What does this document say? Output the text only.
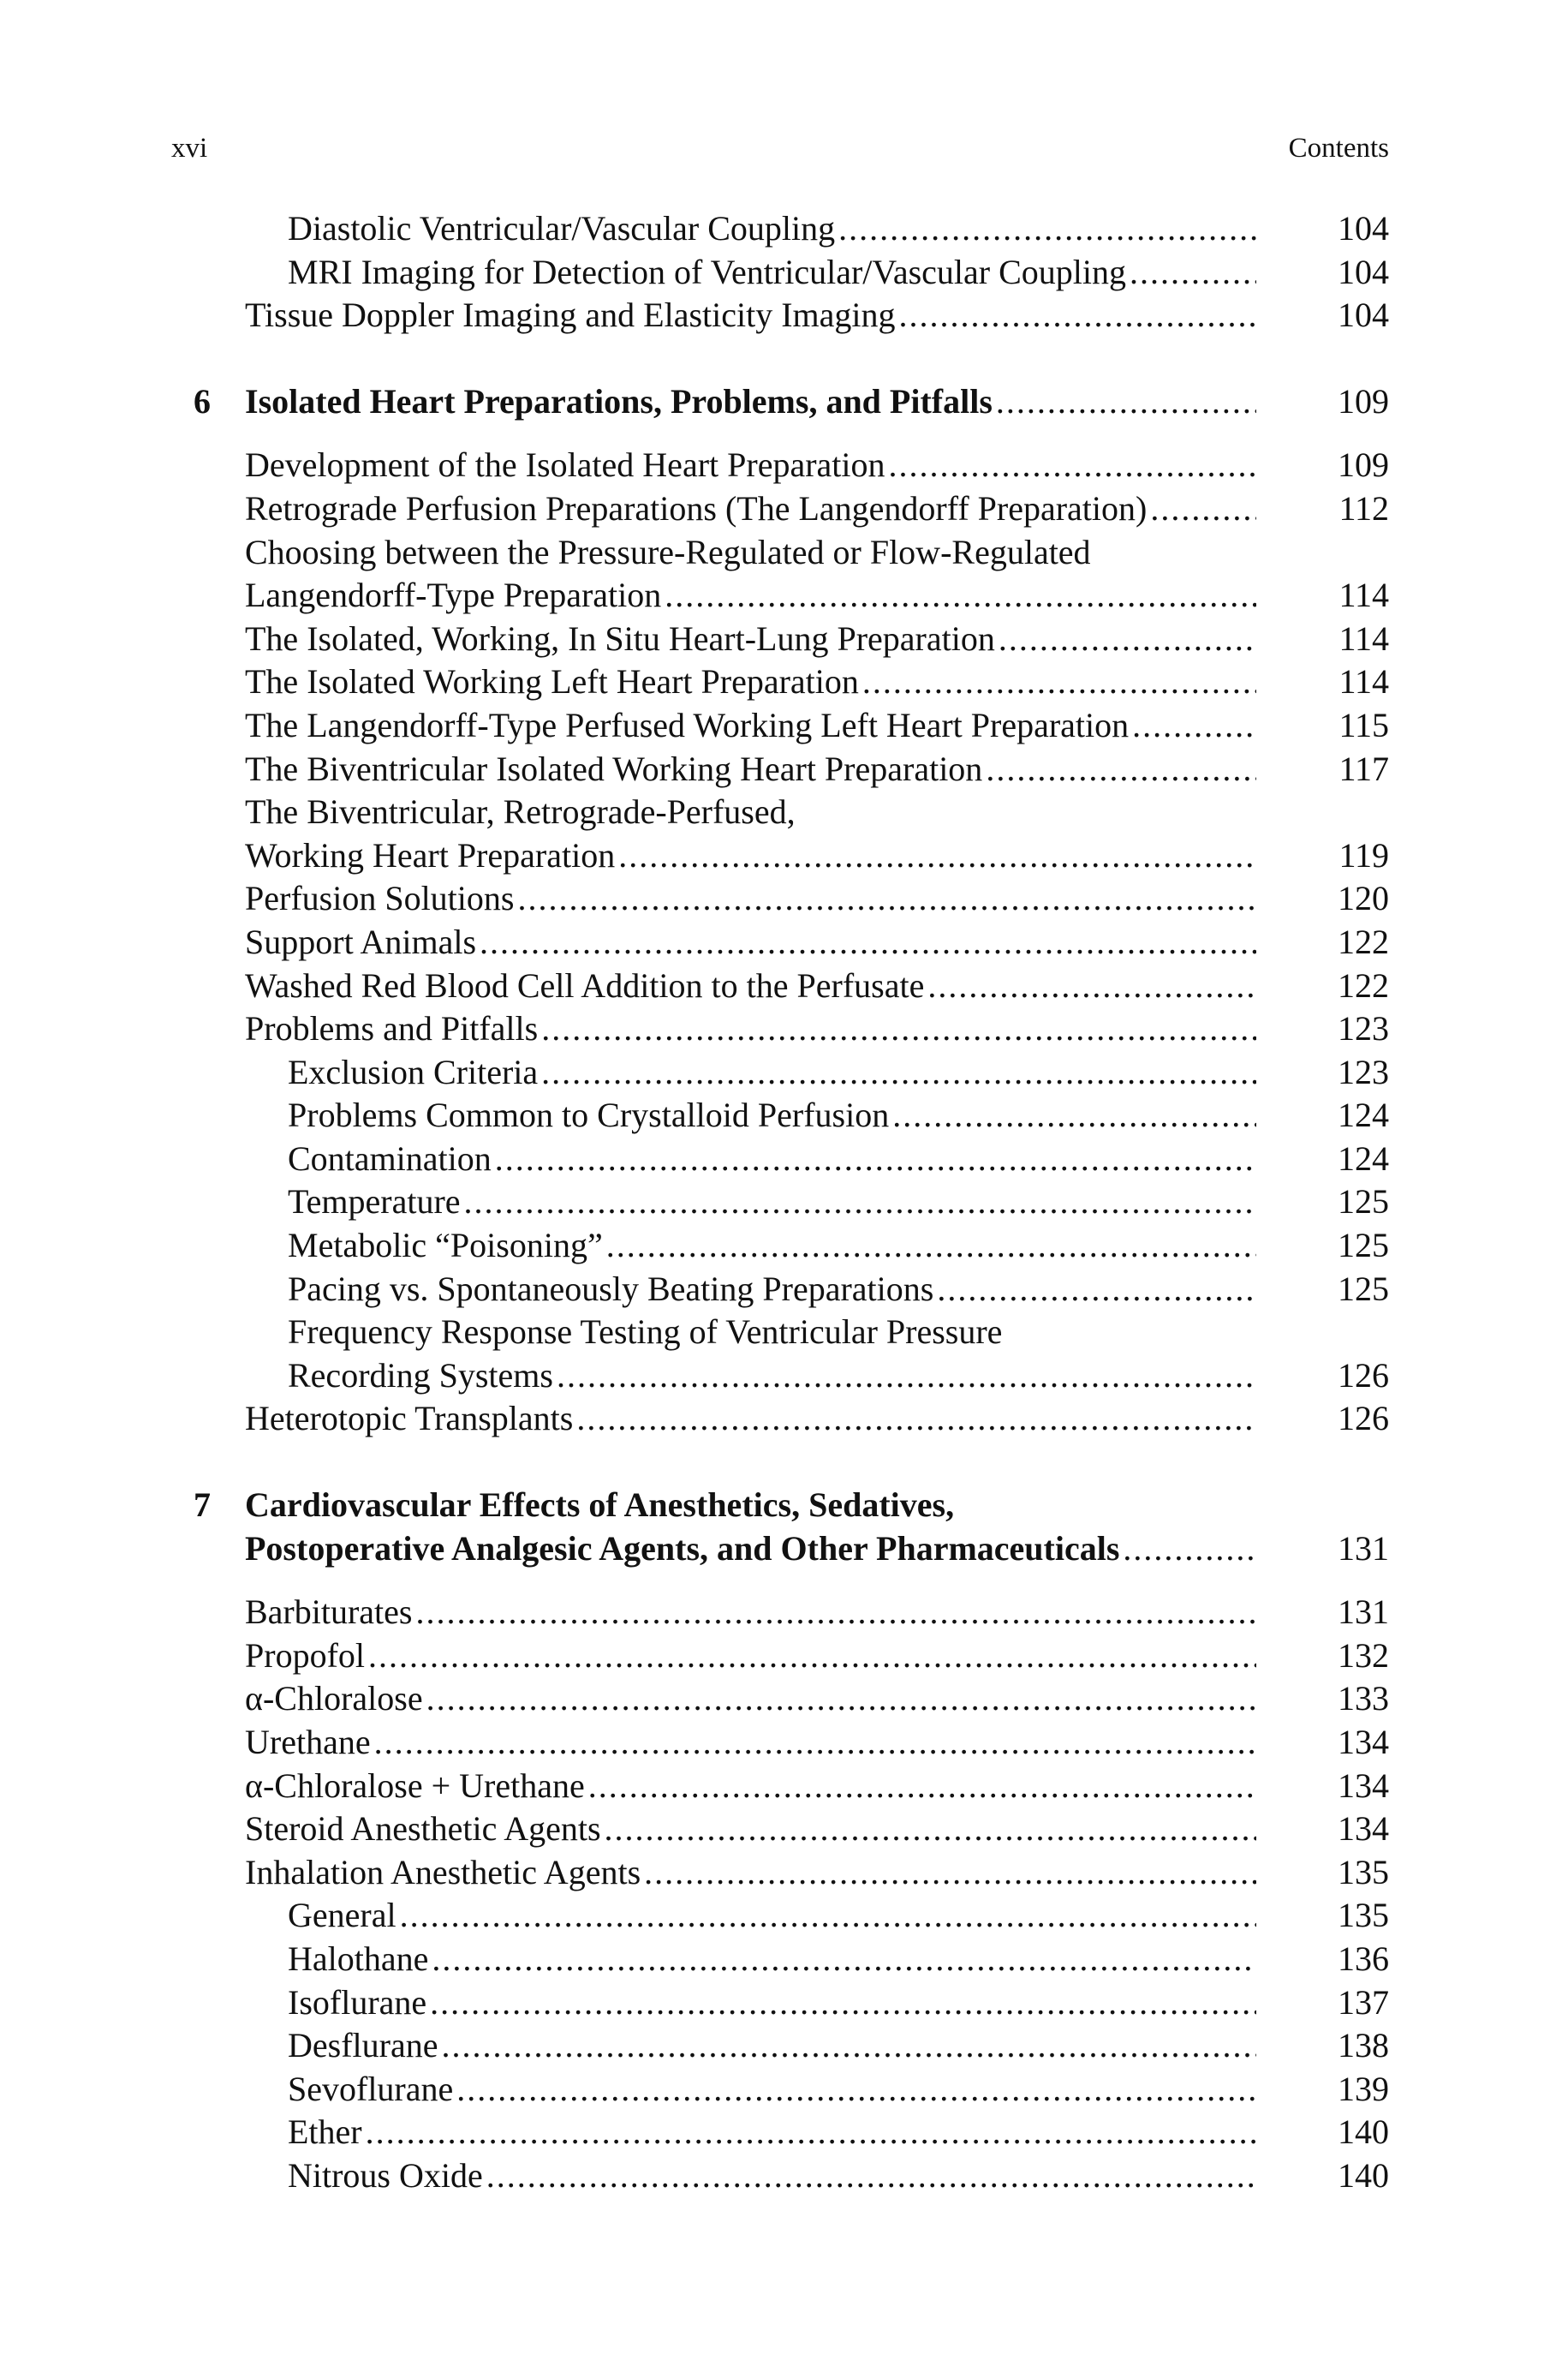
xvi	Contents
Diastolic Ventricular/Vascular Coupling . . .	104
MRI Imaging for Detection of Ventricular/Vascular Coupling . . .	104
Tissue Doppler Imaging and Elasticity Imaging . . .	104
6 Isolated Heart Preparations, Problems, and Pitfalls . . .	109
Development of the Isolated Heart Preparation . . .	109
Retrograde Perfusion Preparations (The Langendorff Preparation) . . .	112
Choosing between the Pressure-Regulated or Flow-Regulated
Langendorff-Type Preparation . . .	114
The Isolated, Working, In Situ Heart-Lung Preparation . . .	114
The Isolated Working Left Heart Preparation . . .	114
The Langendorff-Type Perfused Working Left Heart Preparation . . .	115
The Biventricular Isolated Working Heart Preparation . . .	117
The Biventricular, Retrograde-Perfused,
Working Heart Preparation . . .	119
Perfusion Solutions . . .	120
Support Animals . . .	122
Washed Red Blood Cell Addition to the Perfusate . . .	122
Problems and Pitfalls . . .	123
Exclusion Criteria . . .	123
Problems Common to Crystalloid Perfusion . . .	124
Contamination . . .	124
Temperature . . .	125
Metabolic “Poisoning” . . .	125
Pacing vs. Spontaneously Beating Preparations . . .	125
Frequency Response Testing of Ventricular Pressure
Recording Systems . . .	126
Heterotopic Transplants . . .	126
7 Cardiovascular Effects of Anesthetics, Sedatives,
Postoperative Analgesic Agents, and Other Pharmaceuticals . . .	131
Barbiturates . . .	131
Propofol . . .	132
α-Chloralose . . .	133
Urethane . . .	134
α-Chloralose + Urethane . . .	134
Steroid Anesthetic Agents . . .	134
Inhalation Anesthetic Agents . . .	135
General . . .	135
Halothane . . .	136
Isoflurane . . .	137
Desflurane . . .	138
Sevoflurane . . .	139
Ether . . .	140
Nitrous Oxide . . .	140
